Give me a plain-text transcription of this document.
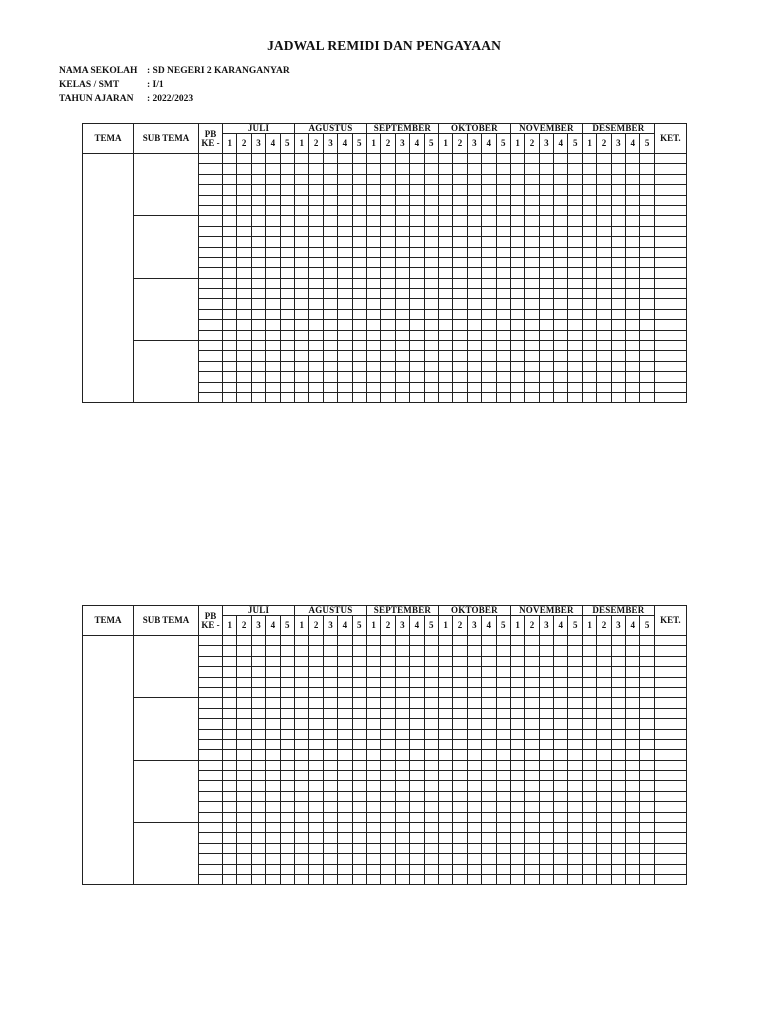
JADWAL REMIDI DAN PENGAYAAN
NAMA SEKOLAH : SD NEGERI 2 KARANGANYAR
KELAS / SMT	: I/1
TAHUN AJARAN : 2022/2023
TEMA	SUB TEMA	PB KE -	JULI					AGUSTUS					SEPTEMBER					OKTOBER					NOVEMBER					DESEMBER					KET.
			1	2	3	4	5	1	2	3	4	5	1	2	3	4	5	1	2	3	4	5	1	2	3	4	5	1	2	3	4	5	

TEMA	SUB TEMA	PB KE -	JULI					AGUSTUS					SEPTEMBER					OKTOBER					NOVEMBER					DESEMBER					KET.
			1	2	3	4	5	1	2	3	4	5	1	2	3	4	5	1	2	3	4	5	1	2	3	4	5	1	2	3	4	5	
